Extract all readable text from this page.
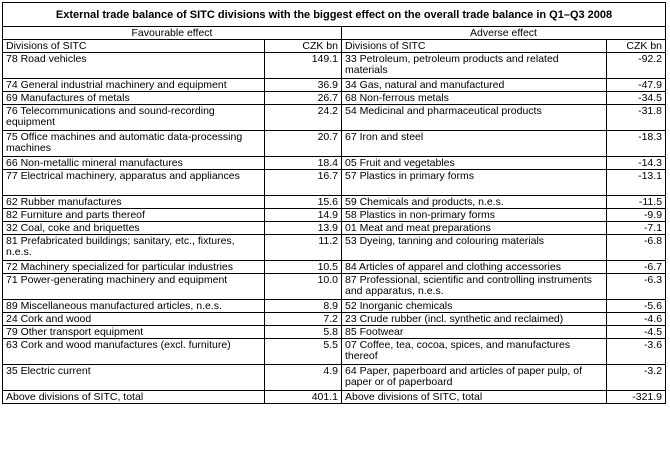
External trade balance of SITC divisions with the biggest effect on the overall trade balance in Q1–Q3 2008			
Favourable effect		Adverse effect	
Divisions of SITC	CZK bn	Divisions of SITC	CZK bn
78 Road vehicles	149.1	33 Petroleum, petroleum products and related materials	-92.2
74 General industrial machinery and equipment	36.9	34 Gas, natural and manufactured	-47.9
69 Manufactures of metals	26.7	68 Non-ferrous metals	-34.5
76 Telecommunications and sound-recording equipment	24.2	54 Medicinal and pharmaceutical products	-31.8
75 Office machines and automatic data-processing machines	20.7	67 Iron and steel	-18.3
66 Non-metallic mineral manufactures	18.4	05 Fruit and vegetables	-14.3
77 Electrical machinery, apparatus and appliances	16.7	57 Plastics in primary forms	-13.1
62 Rubber manufactures	15.6	59 Chemicals and products, n.e.s.	-11.5
82 Furniture and parts thereof	14.9	58 Plastics in non-primary forms	-9.9
32 Coal, coke and briquettes	13.9	01 Meat and meat preparations	-7.1
81 Prefabricated buildings; sanitary, etc., fixtures, n.e.s.	11.2	53 Dyeing, tanning and colouring materials	-6.8
72 Machinery specialized for particular industries	10.5	84 Articles of apparel and clothing accessories	-6.7
71 Power-generating machinery and equipment	10.0	87 Professional, scientific and controlling instruments and apparatus, n.e.s.	-6.3
89 Miscellaneous manufactured articles, n.e.s.	8.9	52 Inorganic chemicals	-5.6
24 Cork and wood	7.2	23 Crude rubber (incl. synthetic and reclaimed)	-4.6
79 Other transport equipment	5.8	85 Footwear	-4.5
63 Cork and wood manufactures (excl. furniture)	5.5	07 Coffee, tea, cocoa, spices, and manufactures thereof	-3.6
35 Electric current	4.9	64 Paper, paperboard and articles of paper pulp, of paper or of paperboard	-3.2
Above divisions of SITC, total	401.1	Above divisions of SITC, total	-321.9
